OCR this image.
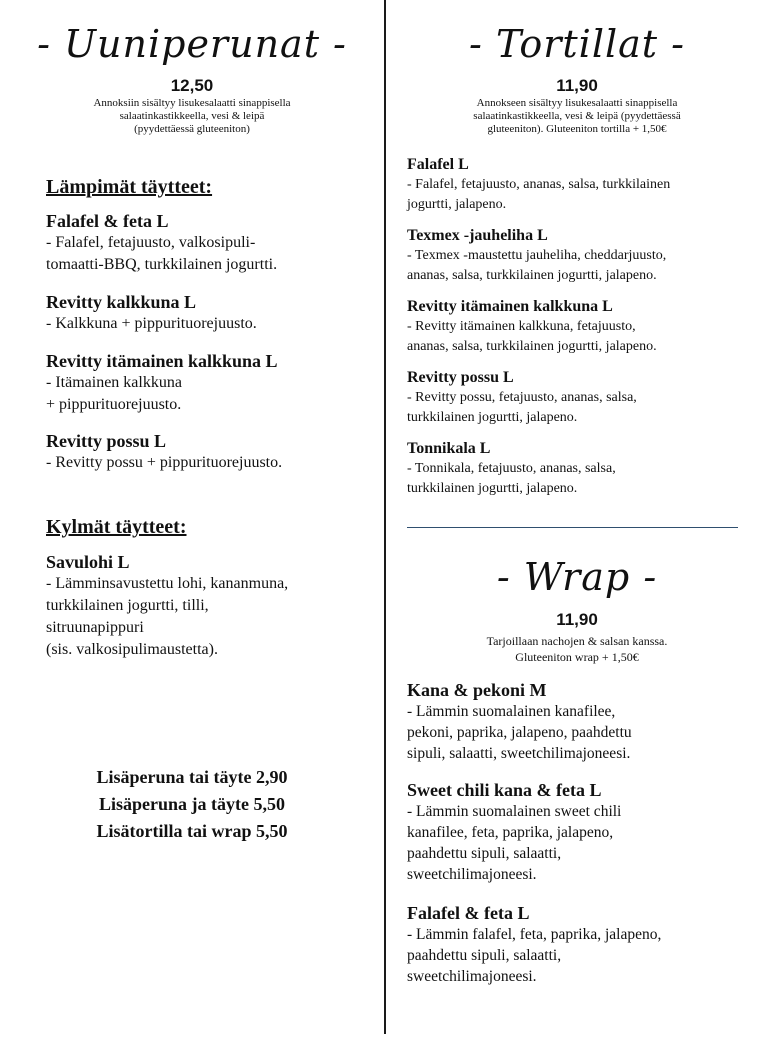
- Uuniperunat -
12,50
Annoksiin sisältyy lisukesalaatti sinappisella
salaatinkastikkeella, vesi & leipä
(pyydettäessä gluteeniton)
Lämpimät täytteet:
Falafel & feta L
- Falafel, fetajuusto, valkosipuli-
tomaatti-BBQ, turkkilainen jogurtti.
Revitty kalkkuna L
- Kalkkuna + pippurituorejuusto.
Revitty itämainen kalkkuna L
- Itämainen kalkkuna
+ pippurituorejuusto.
Revitty possu L
- Revitty possu + pippurituorejuusto.
Kylmät täytteet:
Savulohi L
- Lämminsavustettu lohi, kananmuna,
turkkilainen jogurtti, tilli,
sitruunapippuri
(sis. valkosipulimaustetta).
Lisäperuna tai täyte 2,90
Lisäperuna ja täyte 5,50
Lisätortilla tai wrap 5,50
- Tortillat -
11,90
Annokseen sisältyy lisukesalaatti sinappisella
salaatinkastikkeella, vesi & leipä (pyydettäessä
gluteeniton). Gluteeniton tortilla + 1,50€
Falafel L
- Falafel, fetajuusto, ananas, salsa, turkkilainen
jogurtti, jalapeno.
Texmex -jauheliha L
- Texmex -maustettu jauheliha, cheddarjuusto,
ananas, salsa, turkkilainen jogurtti, jalapeno.
Revitty itämainen kalkkuna L
- Revitty itämainen kalkkuna, fetajuusto,
ananas, salsa, turkkilainen jogurtti, jalapeno.
Revitty possu L
- Revitty possu, fetajuusto, ananas, salsa,
turkkilainen jogurtti, jalapeno.
Tonnikala L
- Tonnikala, fetajuusto, ananas, salsa,
turkkilainen jogurtti, jalapeno.
- Wrap -
11,90
Tarjoillaan nachojen & salsan kanssa.
Gluteeniton wrap + 1,50€
Kana & pekoni M
- Lämmin suomalainen kanafilee,
pekoni, paprika, jalapeno, paahdettu
sipuli, salaatti, sweetchilimajoneesi.
Sweet chili kana & feta L
- Lämmin suomalainen sweet chili
kanafilee, feta, paprika, jalapeno,
paahdettu sipuli, salaatti,
sweetchilimajoneesi.
Falafel & feta L
- Lämmin falafel, feta, paprika, jalapeno,
paahdettu sipuli, salaatti,
sweetchilimajoneesi.
